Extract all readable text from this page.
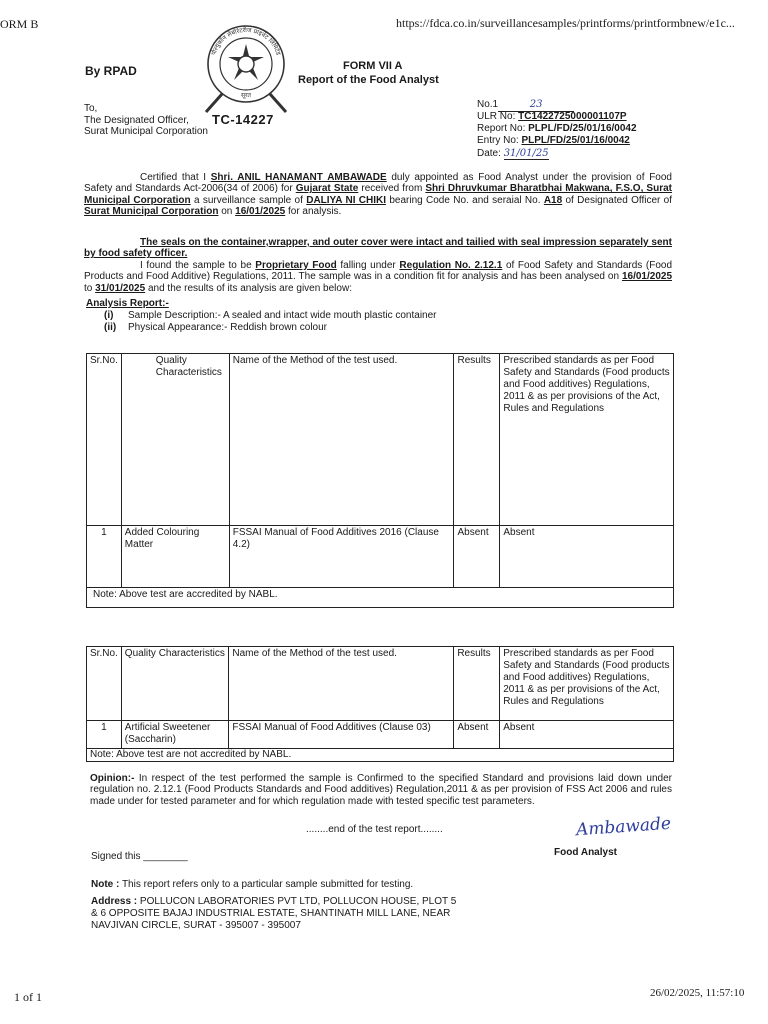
ORM B	https://fdca.co.in/surveillancesamples/printforms/printformbnew/e1c...
पोल्युकॉन लेबोरेटरीज प्राइवेट लिमिटेड
सूरत
TC-14227
By RPAD	FORM VII A
Report of the Food Analyst
To,
The Designated Officer,
Surat Municipal Corporation
No.1	23
ULR No: TC1422725000001107P
Report No: PLPL/FD/25/01/16/0042
Entry No: PLPL/FD/25/01/16/0042
Date: 31/01/25
Certified that I Shri. ANIL HANAMANT AMBAWADE duly appointed as Food Analyst under the provision of Food Safety and Standards Act-2006(34 of 2006) for Gujarat State received from Shri Dhruvkumar Bharatbhai Makwana, F.S.O, Surat Municipal Corporation a surveillance sample of DALIYA NI CHIKI bearing Code No. and seraial No. A18 of Designated Officer of Surat Municipal Corporation on 16/01/2025 for analysis.
The seals on the container,wrapper, and outer cover were intact and tailied with seal impression separately sent by food safety officer.
I found the sample to be Proprietary Food falling under Regulation No. 2.12.1 of Food Safety and Standards (Food Products and Food Additive) Regulations, 2011. The sample was in a condition fit for analysis and has been analysed on 16/01/2025 to 31/01/2025 and the results of its analysis are given below:
Analysis Report:-
(i) Sample Description:- A sealed and intact wide mouth plastic container
(ii) Physical Appearance:- Reddish brown colour
Sr.No.	Quality Characteristics	Name of the Method of the test used.	Results	Prescribed standards as per Food Safety and Standards (Food products and Food additives) Regulations, 2011 & as per provisions of the Act, Rules and Regulations
1	Added Colouring Matter	FSSAI Manual of Food Additives 2016 (Clause 4.2)	Absent	Absent
Note: Above test are accredited by NABL.				
Sr.No.	Quality Characteristics	Name of the Method of the test used.	Results	Prescribed standards as per Food Safety and Standards (Food products and Food additives) Regulations, 2011 & as per provisions of the Act, Rules and Regulations
1	Artificial Sweetener (Saccharin)	FSSAI Manual of Food Additives (Clause 03)	Absent	Absent
Note: Above test are not accredited by NABL.				
Opinion:- In respect of the test performed the sample is Confirmed to the specified Standard and provisions laid down under regulation no. 2.12.1 (Food Products Standards and Food additives) Regulation,2011 & as per provision of FSS Act 2006 and rules made under for tested parameter and for which regulation made with tested specific test parameters.
........end of the test report........
Signed this ________
Ambawade
Food Analyst
Note : This report refers only to a particular sample submitted for testing.
Address : POLLUCON LABORATORIES PVT LTD, POLLUCON HOUSE, PLOT 5
& 6 OPPOSITE BAJAJ INDUSTRIAL ESTATE, SHANTINATH MILL LANE, NEAR
NAVJIVAN CIRCLE, SURAT - 395007 - 395007
1 of 1	26/02/2025, 11:57:10
